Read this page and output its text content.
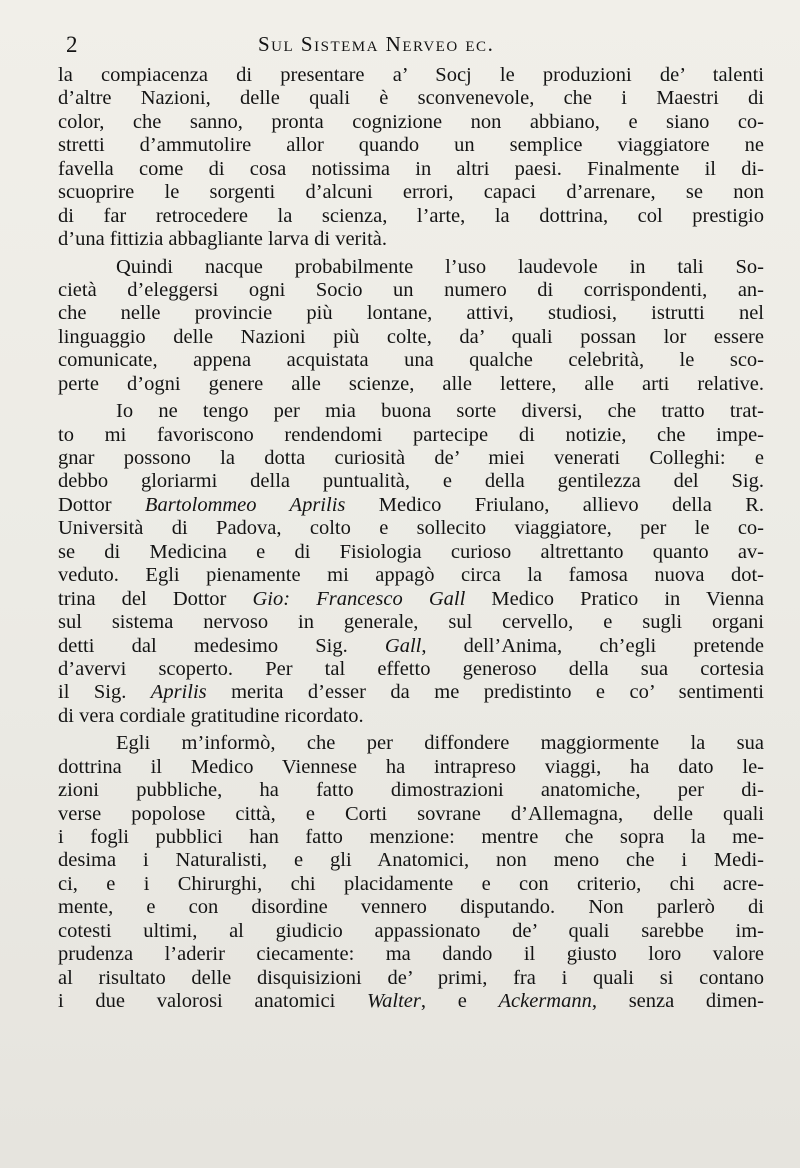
2	Sul Sistema Nerveo ec.
la compiacenza di presentare a’ Socj le produzioni de’ talenti
d’altre Nazioni, delle quali è sconvenevole, che i Maestri di
color, che sanno, pronta cognizione non abbiano, e siano co-
stretti d’ammutolire allor quando un semplice viaggiatore ne
favella come di cosa notissima in altri paesi. Finalmente il di-
scuoprire le sorgenti d’alcuni errori, capaci d’arrenare, se non
di far retrocedere la scienza, l’arte, la dottrina, col prestigio
d’una fittizia abbagliante larva di verità.
Quindi nacque probabilmente l’uso laudevole in tali So-
cietà d’eleggersi ogni Socio un numero di corrispondenti, an-
che nelle provincie più lontane, attivi, studiosi, istrutti nel
linguaggio delle Nazioni più colte, da’ quali possan lor essere
comunicate, appena acquistata una qualche celebrità, le sco-
perte d’ogni genere alle scienze, alle lettere, alle arti relative.
Io ne tengo per mia buona sorte diversi, che tratto trat-
to mi favoriscono rendendomi partecipe di notizie, che impe-
gnar possono la dotta curiosità de’ miei venerati Colleghi: e
debbo gloriarmi della puntualità, e della gentilezza del Sig.
Dottor Bartolommeo Aprilis Medico Friulano, allievo della R.
Università di Padova, colto e sollecito viaggiatore, per le co-
se di Medicina e di Fisiologia curioso altrettanto quanto av-
veduto. Egli pienamente mi appagò circa la famosa nuova dot-
trina del Dottor Gio: Francesco Gall Medico Pratico in Vienna
sul sistema nervoso in generale, sul cervello, e sugli organi
detti dal medesimo Sig. Gall, dell’Anima, ch’egli pretende
d’avervi scoperto. Per tal effetto generoso della sua cortesia
il Sig. Aprilis merita d’esser da me predistinto e co’ sentimenti
di vera cordiale gratitudine ricordato.
Egli m’informò, che per diffondere maggiormente la sua
dottrina il Medico Viennese ha intrapreso viaggi, ha dato le-
zioni pubbliche, ha fatto dimostrazioni anatomiche, per di-
verse popolose città, e Corti sovrane d’Allemagna, delle quali
i fogli pubblici han fatto menzione: mentre che sopra la me-
desima i Naturalisti, e gli Anatomici, non meno che i Medi-
ci, e i Chirurghi, chi placidamente e con criterio, chi acre-
mente, e con disordine vennero disputando. Non parlerò di
cotesti ultimi, al giudicio appassionato de’ quali sarebbe im-
prudenza l’aderir ciecamente: ma dando il giusto loro valore
al risultato delle disquisizioni de’ primi, fra i quali si contano
i due valorosi anatomici Walter, e Ackermann, senza dimen-
